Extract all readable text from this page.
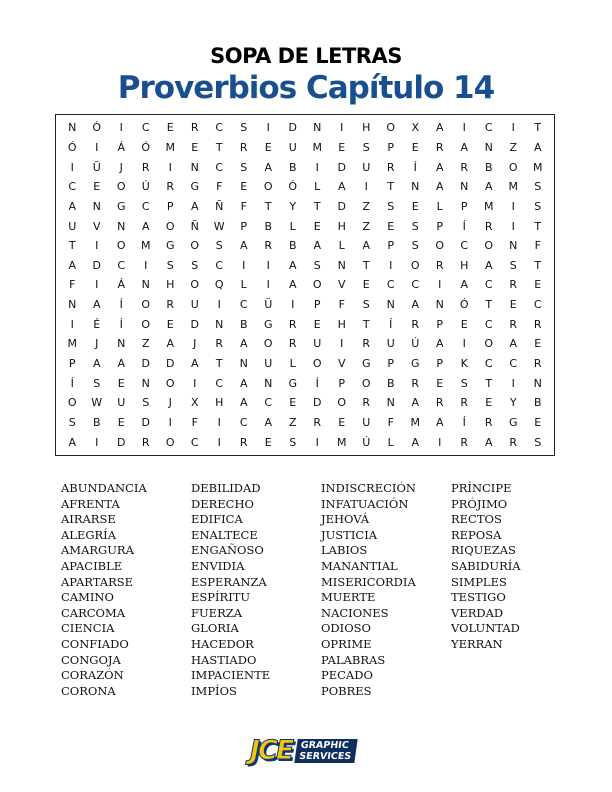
SOPA DE LETRAS
Proverbios Capítulo 14
N	Ó	I	C	E	R	C	S	I	D	N	I	H	O	X	A	I	C	I	T
Ó	I	Á	Ó	M	E	T	R	E	U	M	E	S	P	E	R	A	N	Z	A
I	Ũ	J	R	I	N	C	S	A	B	I	D	U	R	Í	A	R	B	O	M
C	E	O	Ú	R	G	F	E	O	Ó	L	A	I	T	N	A	N	A	M	S
A	N	G	C	P	A	Ñ	F	T	Y	T	D	Z	S	E	L	P	M	I	S
U	V	N	A	O	Ñ	W	P	B	L	E	H	Z	E	S	P	Í	R	I	T
T	I	O	M	G	O	S	A	R	B	A	L	A	P	S	O	C	O	N	F
A	D	C	I	S	S	C	I	I	A	S	N	T	I	O	R	H	A	S	T
F	I	Á	N	H	O	Q	L	I	A	O	V	E	C	C	I	A	C	R	E
N	A	Í	O	R	U	I	C	Ü	I	P	F	S	N	A	N	Ó	T	E	C
I	É	Í	O	E	D	N	B	G	R	E	H	T	Í	R	P	E	C	R	R
M	J	N	Z	A	J	R	A	O	R	U	I	R	U	Ú	A	I	O	A	E
P	A	A	D	D	A	T	N	U	L	O	V	G	P	G	P	K	C	C	R
Í	S	E	N	O	I	C	A	N	G	Í	P	O	B	R	E	S	T	I	N
O	W	U	S	J	X	H	A	C	E	D	O	R	N	A	R	R	E	Y	B
S	B	E	D	I	F	I	C	A	Z	R	E	U	F	M	A	Í	R	G	E
A	I	D	R	O	C	I	R	E	S	I	M	Ú	L	A	I	R	A	R	S
ABUNDANCIA
AFRENTA
AIRARSE
ALEGRÍA
AMARGURA
APACIBLE
APARTARSE
CAMINO
CARCOMA
CIENCIA
CONFIADO
CONGOJA
CORAZÓN
CORONA
DEBILIDAD
DERECHO
EDIFICA
ENALTECE
ENGAÑOSO
ENVIDIA
ESPERANZA
ESPÍRITU
FUERZA
GLORIA
HACEDOR
HASTIADO
IMPACIENTE
IMPÍOS
INDISCRECIÓN
INFATUACIÓN
JEHOVÁ
JUSTICIA
LABIOS
MANANTIAL
MISERICORDIA
MUERTE
NACIONES
ODIOSO
OPRIME
PALABRAS
PECADO
POBRES
PRÍNCIPE
PRÓJIMO
RECTOS
REPOSA
RIQUEZAS
SABIDURÍA
SIMPLES
TESTIGO
VERDAD
VOLUNTAD
YERRAN
JCE GRAPHIC
SERVICES
